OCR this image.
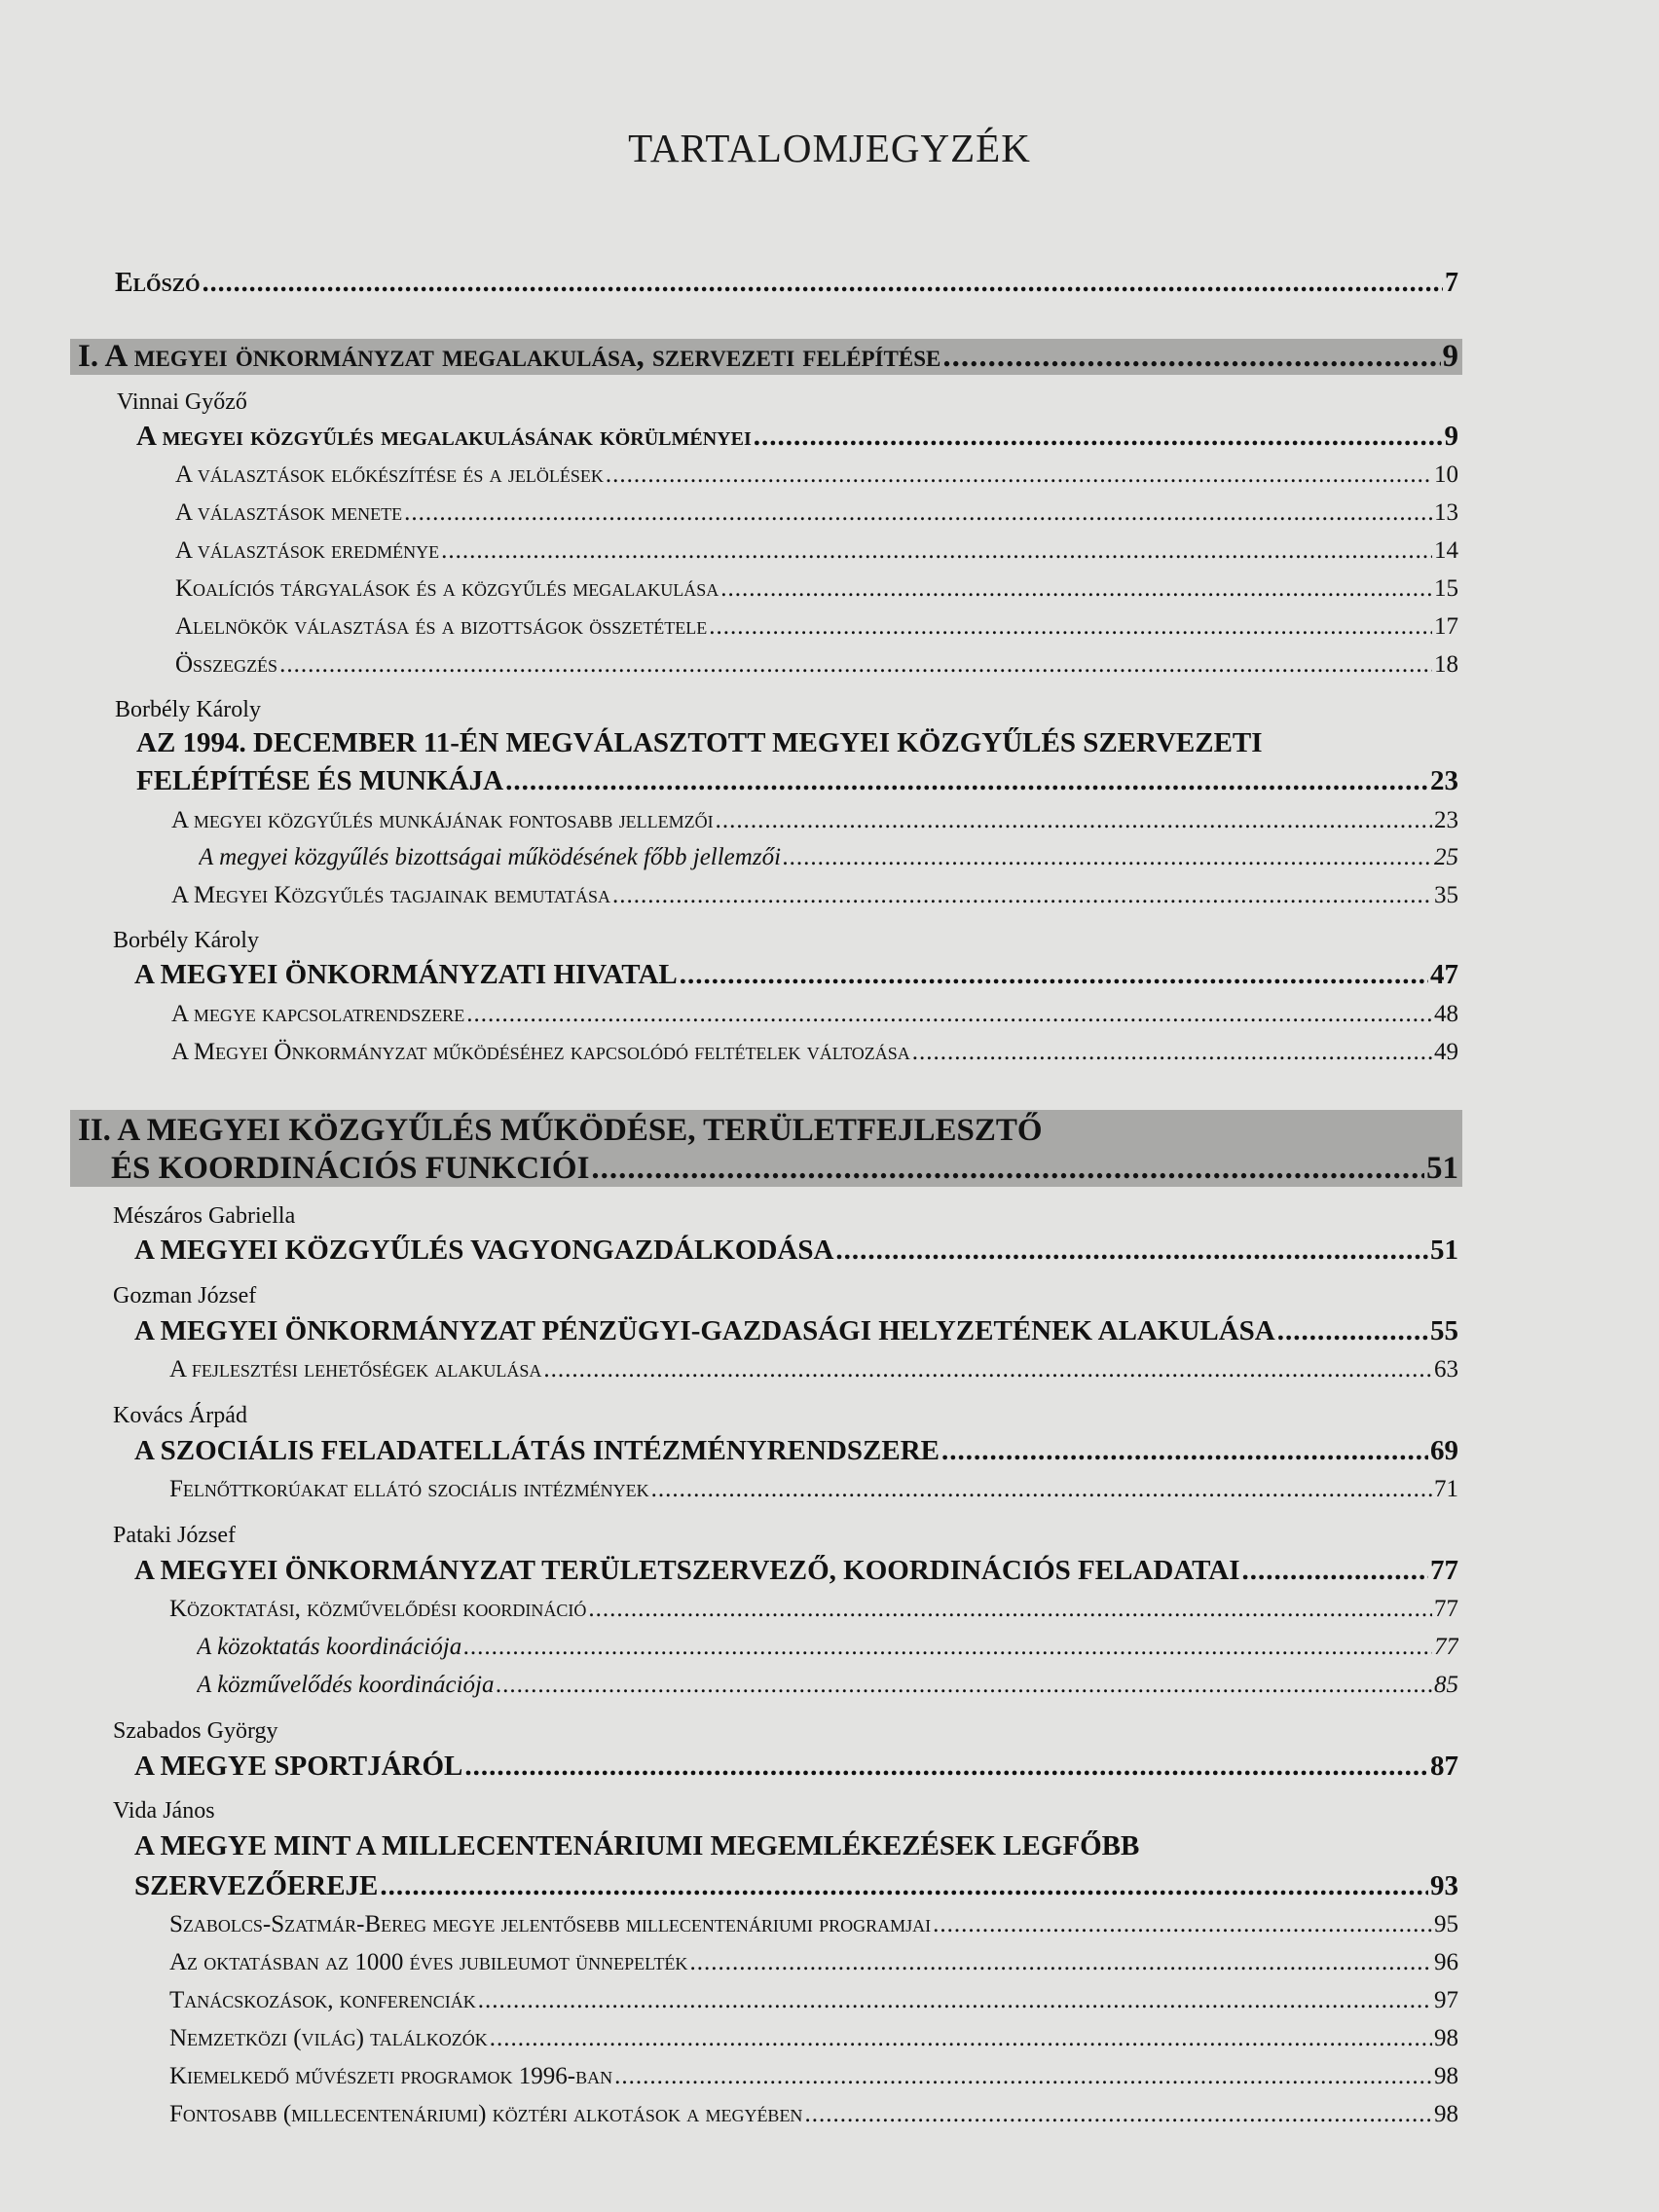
TARTALOMJEGYZÉK
Előszó .....	7
I. A megyei önkormányzat megalakulása, szervezeti felépítése .....	9
Vinnai Győző
A megyei közgyűlés megalakulásának körülményei .....	9
A választások előkészítése és a jelölések .....	10
A választások menete .....	13
A választások eredménye .....	14
Koalíciós tárgyalások és a közgyűlés megalakulása .....	15
Alelnökök választása és a bizottságok összetétele .....	17
Összegzés .....	18
Borbély Károly
AZ 1994. DECEMBER 11-ÉN MEGVÁLASZTOTT MEGYEI KÖZGYŰLÉS SZERVEZETI
FELÉPÍTÉSE ÉS MUNKÁJA .....	23
A megyei közgyűlés munkájának fontosabb jellemzői .....	23
A megyei közgyűlés bizottságai működésének főbb jellemzői .....	25
A Megyei Közgyűlés tagjainak bemutatása .....	35
Borbély Károly
A MEGYEI ÖNKORMÁNYZATI HIVATAL .....	47
A megye kapcsolatrendszere .....	48
A Megyei Önkormányzat működéséhez kapcsolódó feltételek változása .....	49
II. A MEGYEI KÖZGYŰLÉS MŰKÖDÉSE, TERÜLETFEJLESZTŐ
ÉS KOORDINÁCIÓS FUNKCIÓI .....	51
Mészáros Gabriella
A MEGYEI KÖZGYŰLÉS VAGYONGAZDÁLKODÁSA .....	51
Gozman József
A MEGYEI ÖNKORMÁNYZAT PÉNZÜGYI-GAZDASÁGI HELYZETÉNEK ALAKULÁSA .....	55
A fejlesztési lehetőségek alakulása .....	63
Kovács Árpád
A SZOCIÁLIS FELADATELLÁTÁS INTÉZMÉNYRENDSZERE .....	69
Felnőttkorúakat ellátó szociális intézmények .....	71
Pataki József
A MEGYEI ÖNKORMÁNYZAT TERÜLETSZERVEZŐ, KOORDINÁCIÓS FELADATAI .....	77
Közoktatási, közművelődési koordináció .....	77
A közoktatás koordinációja .....	77
A közművelődés koordinációja .....	85
Szabados György
A MEGYE SPORTJÁRÓL .....	87
Vida János
A MEGYE MINT A MILLECENTENÁRIUMI MEGEMLÉKEZÉSEK LEGFŐBB
SZERVEZŐEREJE .....	93
Szabolcs-Szatmár-Bereg megye jelentősebb millecentenáriumi programjai .....	95
Az oktatásban az 1000 éves jubileumot ünnepelték .....	96
Tanácskozások, konferenciák .....	97
Nemzetközi (világ) találkozók .....	98
Kiemelkedő művészeti programok 1996-ban .....	98
Fontosabb (millecentenáriumi) köztéri alkotások a megyében .....	98
